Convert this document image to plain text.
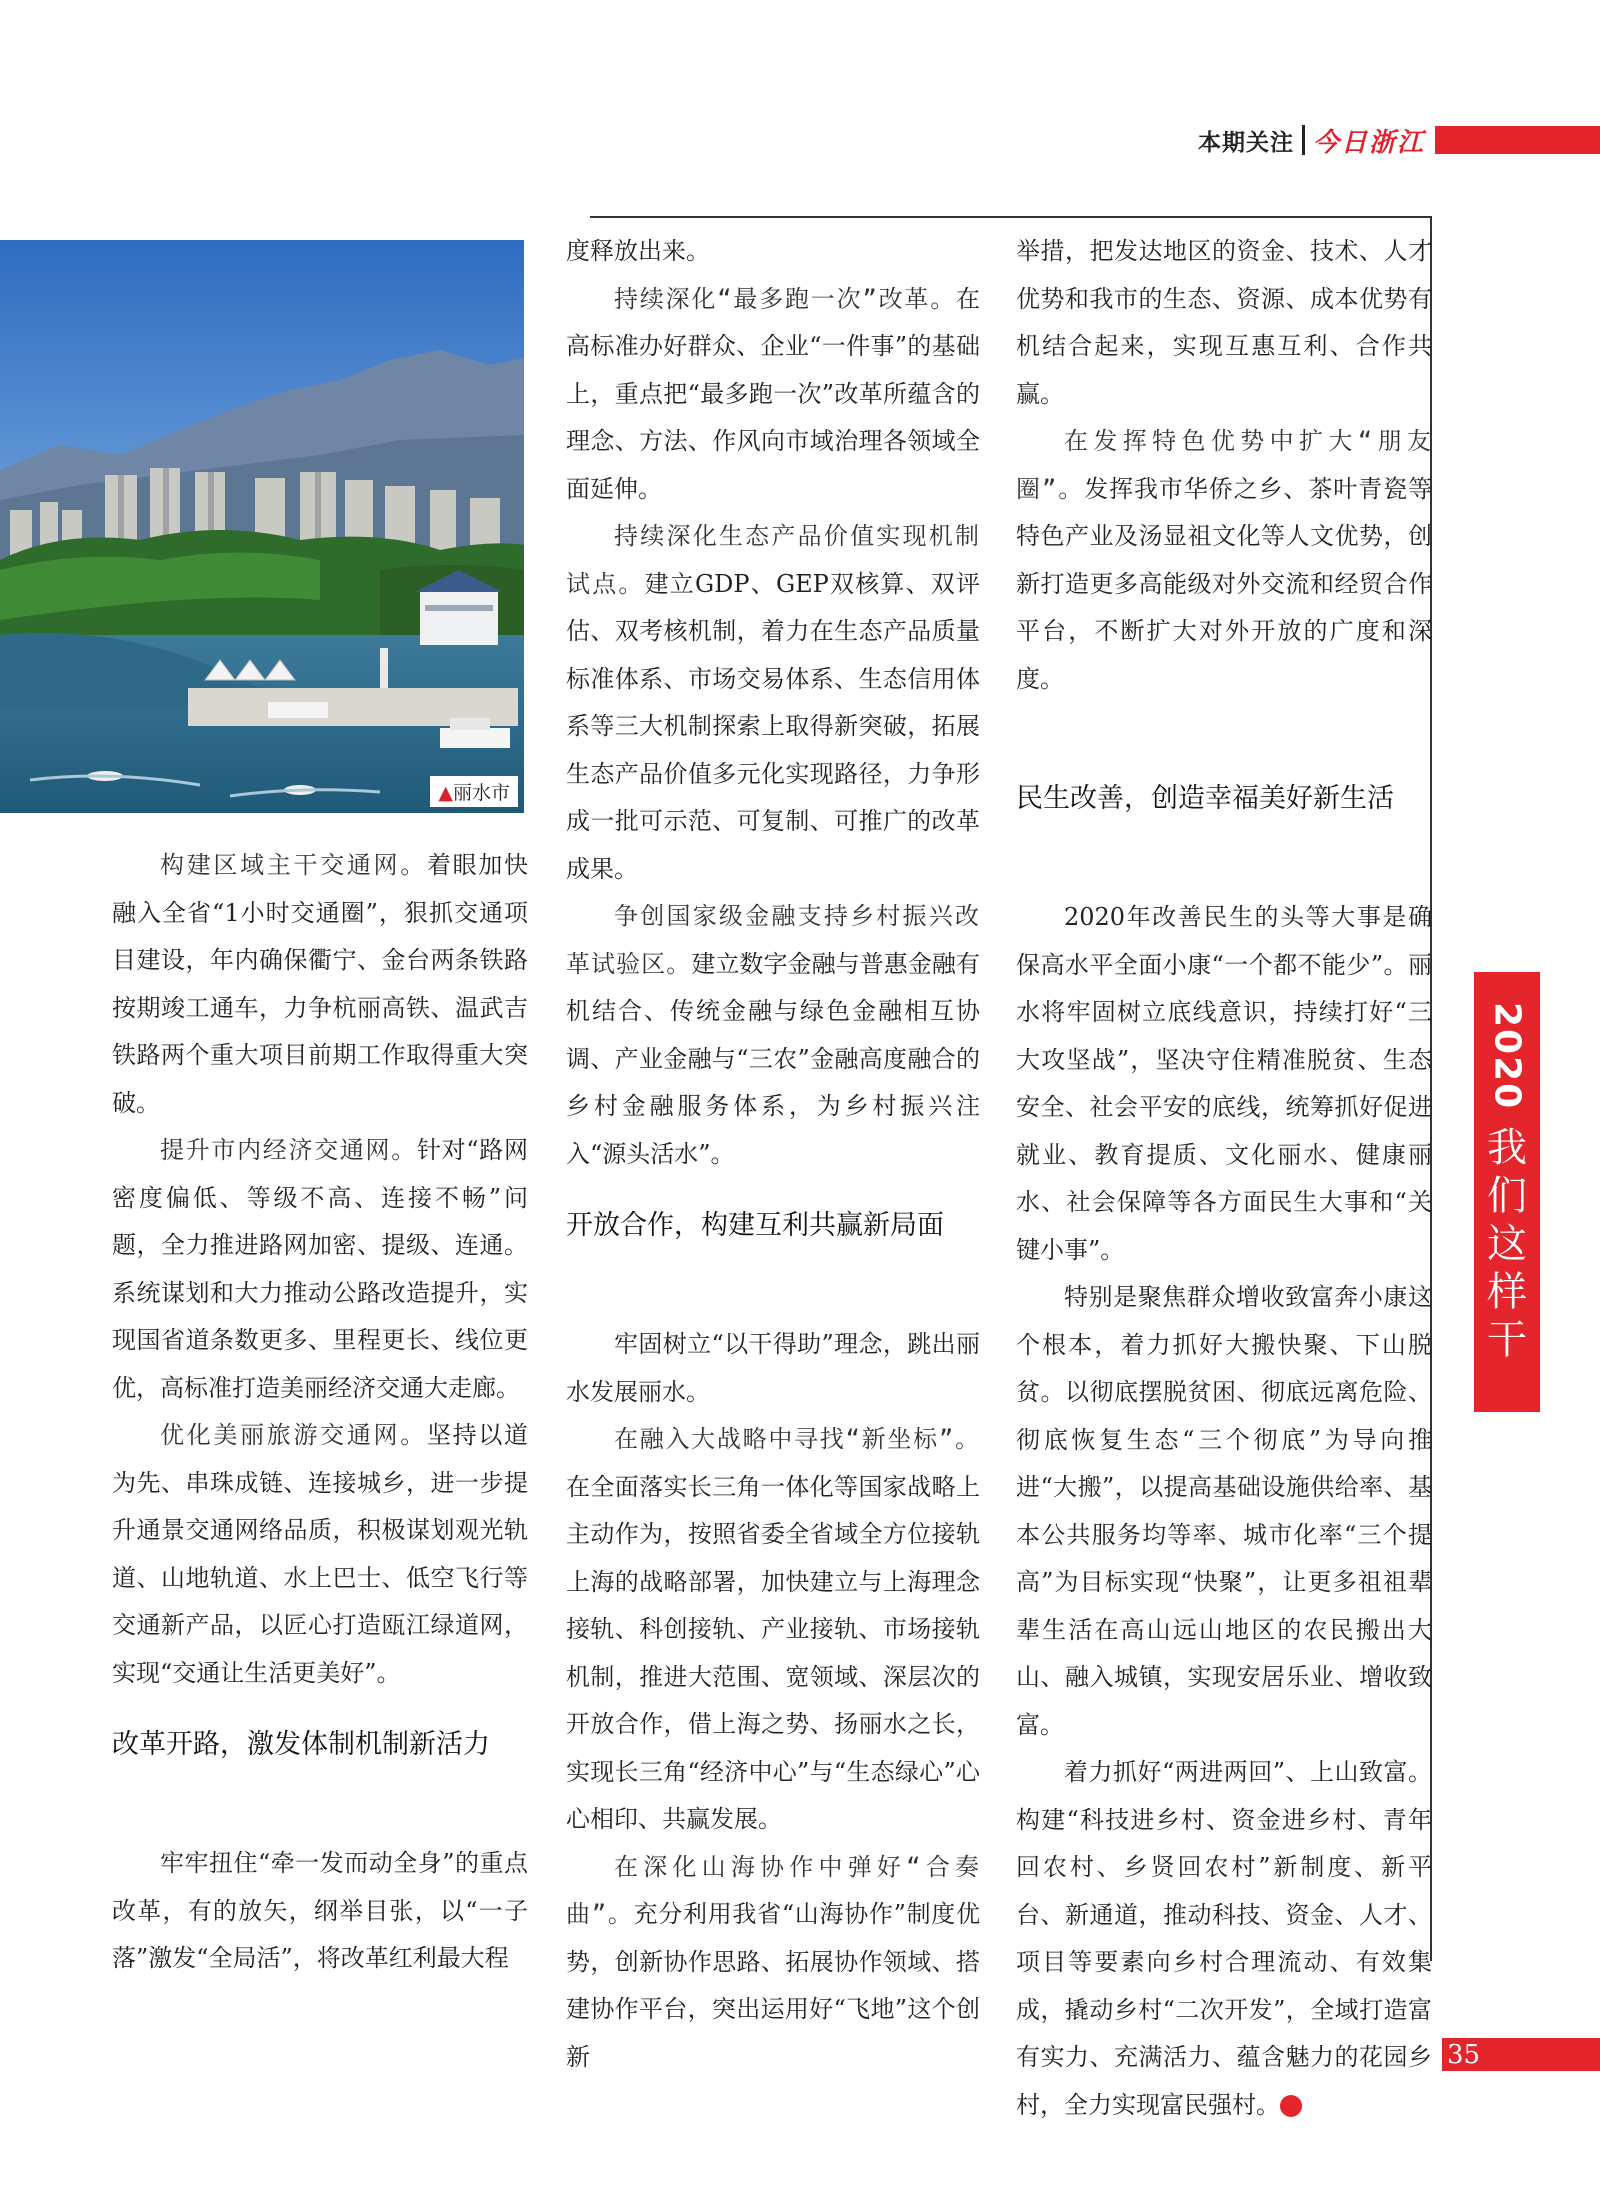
本期关注 今日浙江
▲丽水市

构建区域主干交通网。着眼加快融入全省“1小时交通圈”，狠抓交通项目建设，年内确保衢宁、金台两条铁路按期竣工通车，力争杭丽高铁、温武吉铁路两个重大项目前期工作取得重大突破。

提升市内经济交通网。针对“路网密度偏低、等级不高、连接不畅”问题，全力推进路网加密、提级、连通。系统谋划和大力推动公路改造提升，实现国省道条数更多、里程更长、线位更优，高标准打造美丽经济交通大走廊。

优化美丽旅游交通网。坚持以道为先、串珠成链、连接城乡，进一步提升通景交通网络品质，积极谋划观光轨道、山地轨道、水上巴士、低空飞行等交通新产品，以匠心打造瓯江绿道网，实现“交通让生活更美好”。

改革开路，激发体制机制新活力

牢牢扭住“牵一发而动全身”的重点改革，有的放矢，纲举目张，以“一子落”激发“全局活”，将改革红利最大程

度释放出来。

持续深化“最多跑一次”改革。在高标准办好群众、企业“一件事”的基础上，重点把“最多跑一次”改革所蕴含的理念、方法、作风向市域治理各领域全面延伸。

持续深化生态产品价值实现机制试点。建立GDP、GEP双核算、双评估、双考核机制，着力在生态产品质量标准体系、市场交易体系、生态信用体系等三大机制探索上取得新突破，拓展生态产品价值多元化实现路径，力争形成一批可示范、可复制、可推广的改革成果。

争创国家级金融支持乡村振兴改革试验区。建立数字金融与普惠金融有机结合、传统金融与绿色金融相互协调、产业金融与“三农”金融高度融合的乡村金融服务体系，为乡村振兴注入“源头活水”。

开放合作，构建互利共赢新局面

牢固树立“以干得助”理念，跳出丽水发展丽水。

在融入大战略中寻找“新坐标”。在全面落实长三角一体化等国家战略上主动作为，按照省委全省域全方位接轨上海的战略部署，加快建立与上海理念接轨、科创接轨、产业接轨、市场接轨机制，推进大范围、宽领域、深层次的开放合作，借上海之势、扬丽水之长，实现长三角“经济中心”与“生态绿心”心心相印、共赢发展。

在深化山海协作中弹好“合奏曲”。充分利用我省“山海协作”制度优势，创新协作思路、拓展协作领域、搭建协作平台，突出运用好“飞地”这个创新

举措，把发达地区的资金、技术、人才优势和我市的生态、资源、成本优势有机结合起来，实现互惠互利、合作共赢。

在发挥特色优势中扩大“朋友圈”。发挥我市华侨之乡、茶叶青瓷等特色产业及汤显祖文化等人文优势，创新打造更多高能级对外交流和经贸合作平台，不断扩大对外开放的广度和深度。

民生改善，创造幸福美好新生活

2020年改善民生的头等大事是确保高水平全面小康“一个都不能少”。丽水将牢固树立底线意识，持续打好“三大攻坚战”，坚决守住精准脱贫、生态安全、社会平安的底线，统筹抓好促进就业、教育提质、文化丽水、健康丽水、社会保障等各方面民生大事和“关键小事”。

特别是聚焦群众增收致富奔小康这个根本，着力抓好大搬快聚、下山脱贫。以彻底摆脱贫困、彻底远离危险、彻底恢复生态“三个彻底”为导向推进“大搬”，以提高基础设施供给率、基本公共服务均等率、城市化率“三个提高”为目标实现“快聚”，让更多祖祖辈辈生活在高山远山地区的农民搬出大山、融入城镇，实现安居乐业、增收致富。

着力抓好“两进两回”、上山致富。构建“科技进乡村、资金进乡村、青年回农村、乡贤回农村”新制度、新平台、新通道，推动科技、资金、人才、项目等要素向乡村合理流动、有效集成，撬动乡村“二次开发”，全域打造富有实力、充满活力、蕴含魅力的花园乡村，全力实现富民强村。	今

2020
我们这样干
35
